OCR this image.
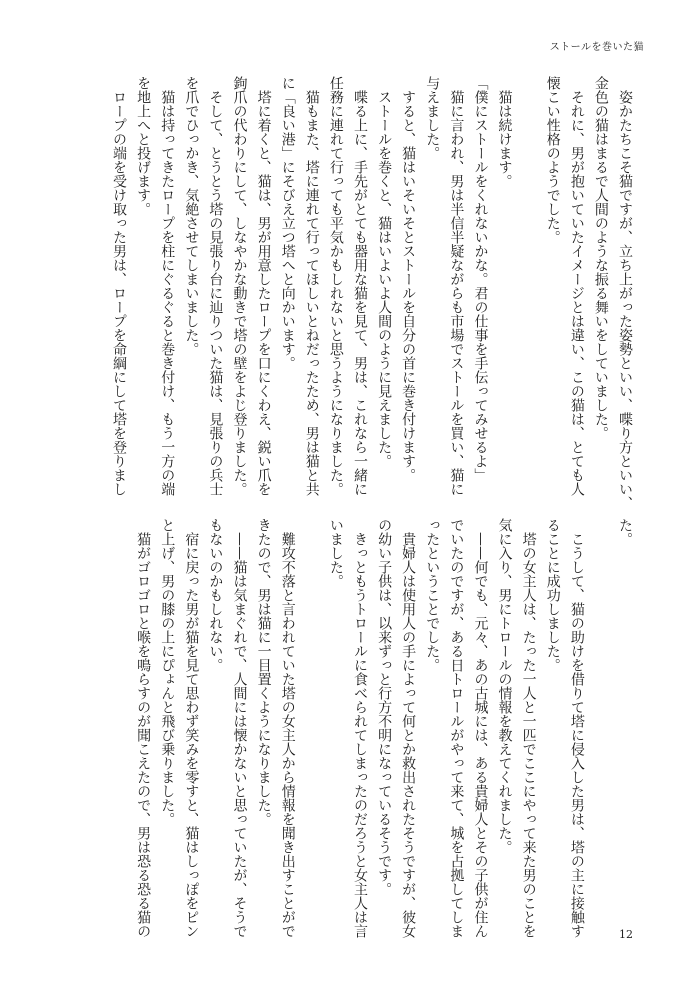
ストールを巻いた猫
　姿かたちこそ猫ですが、立ち上がった姿勢といい、喋り方といい、
金色の猫はまるで人間のような振る舞いをしていました。
　それに、男が抱いていたイメージとは違い、この猫は、とても人
懐こい性格のようでした。
　猫は続けます。
「僕にストールをくれないかな。君の仕事を手伝ってみせるよ」
　猫に言われ、男は半信半疑ながらも市場でストールを買い、猫に
与えました。
　すると、猫はいそいそとストールを自分の首に巻き付けます。
　ストールを巻くと、猫はいよいよ人間のように見えました。
　喋る上に、手先がとても器用な猫を見て、男は、これなら一緒に
任務に連れて行っても平気かもしれないと思うようになりました。
　猫もまた、塔に連れて行ってほしいとねだったため、男は猫と共
に「良い港」にそびえ立つ塔へと向かいます。
　塔に着くと、猫は、男が用意したロープを口にくわえ、鋭い爪を
鉤爪の代わりにして、しなやかな動きで塔の壁をよじ登りました。
　そして、とうとう塔の見張り台に辿りついた猫は、見張りの兵士
を爪でひっかき、気絶させてしまいました。
　猫は持ってきたロープを柱にぐるぐると巻き付け、もう一方の端
を地上へと投げます。
　ロープの端を受け取った男は、ロープを命綱にして塔を登りまし
た。
　こうして、猫の助けを借りて塔に侵入した男は、塔の主に接触す
ることに成功しました。
　塔の女主人は、たった一人と一匹でここにやって来た男のことを
気に入り、男にトロールの情報を教えてくれました。
　——何でも、元々、あの古城には、ある貴婦人とその子供が住ん
でいたのですが、ある日トロールがやって来て、城を占拠してしま
ったということでした。
　貴婦人は使用人の手によって何とか救出されたそうですが、彼女
の幼い子供は、以来ずっと行方不明になっているそうです。
　きっともうトロールに食べられてしまったのだろうと女主人は言
いました。
　難攻不落と言われていた塔の女主人から情報を聞き出すことがで
きたので、男は猫に一目置くようになりました。
　——猫は気まぐれで、人間には懐かないと思っていたが、そうで
もないのかもしれない。
　宿に戻った男が猫を見て思わず笑みを零すと、猫はしっぽをピン
と上げ、男の膝の上にぴょんと飛び乗りました。
　猫がゴロゴロと喉を鳴らすのが聞こえたので、男は恐る恐る猫の	12
